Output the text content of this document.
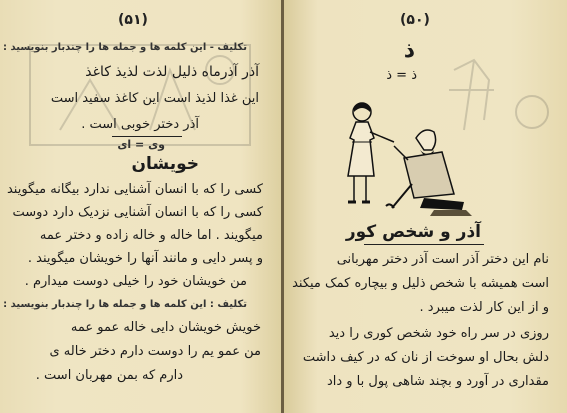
(۵۱)
تکلیف - این کلمه ها و جمله ها را چندبار بنویسید :
آذر آذرماه ذلیل لذت لذیذ کاغذ
این غذا لذیذ است این کاغذ سفید است
آذر دختر خوبی است .
وی = ای
خویشان
کسی را که با انسان آشنایی ندارد بیگانه میگویند
کسی را که با انسان آشنایی نزدیک دارد دوست
میگویند . اما خاله و خاله زاده و دختر عمه
و پسر دایی و مانند آنها را خویشان میگویند .
من خویشان خود را خیلی دوست میدارم .
تکلیف : این کلمه ها و جمله ها را چندبار بنویسید :
خویش خویشان دایی خاله عمو عمه
من عمو یم را دوست دارم دختر خاله ی
دارم که بمن مهربان است .
(۵۰)
ذ
ذ = ذ
آذر و شخص کور
نام این دختر آذر است آذر دختر مهربانی
است همیشه با شخص ذلیل و بیچاره کمک میکند
و از این کار لذت میبرد .
روزی در سر راه خود شخص کوری را دید
دلش بحال او سوخت از نان که در کیف داشت
مقداری در آورد و بچند شاهی پول با و داد
